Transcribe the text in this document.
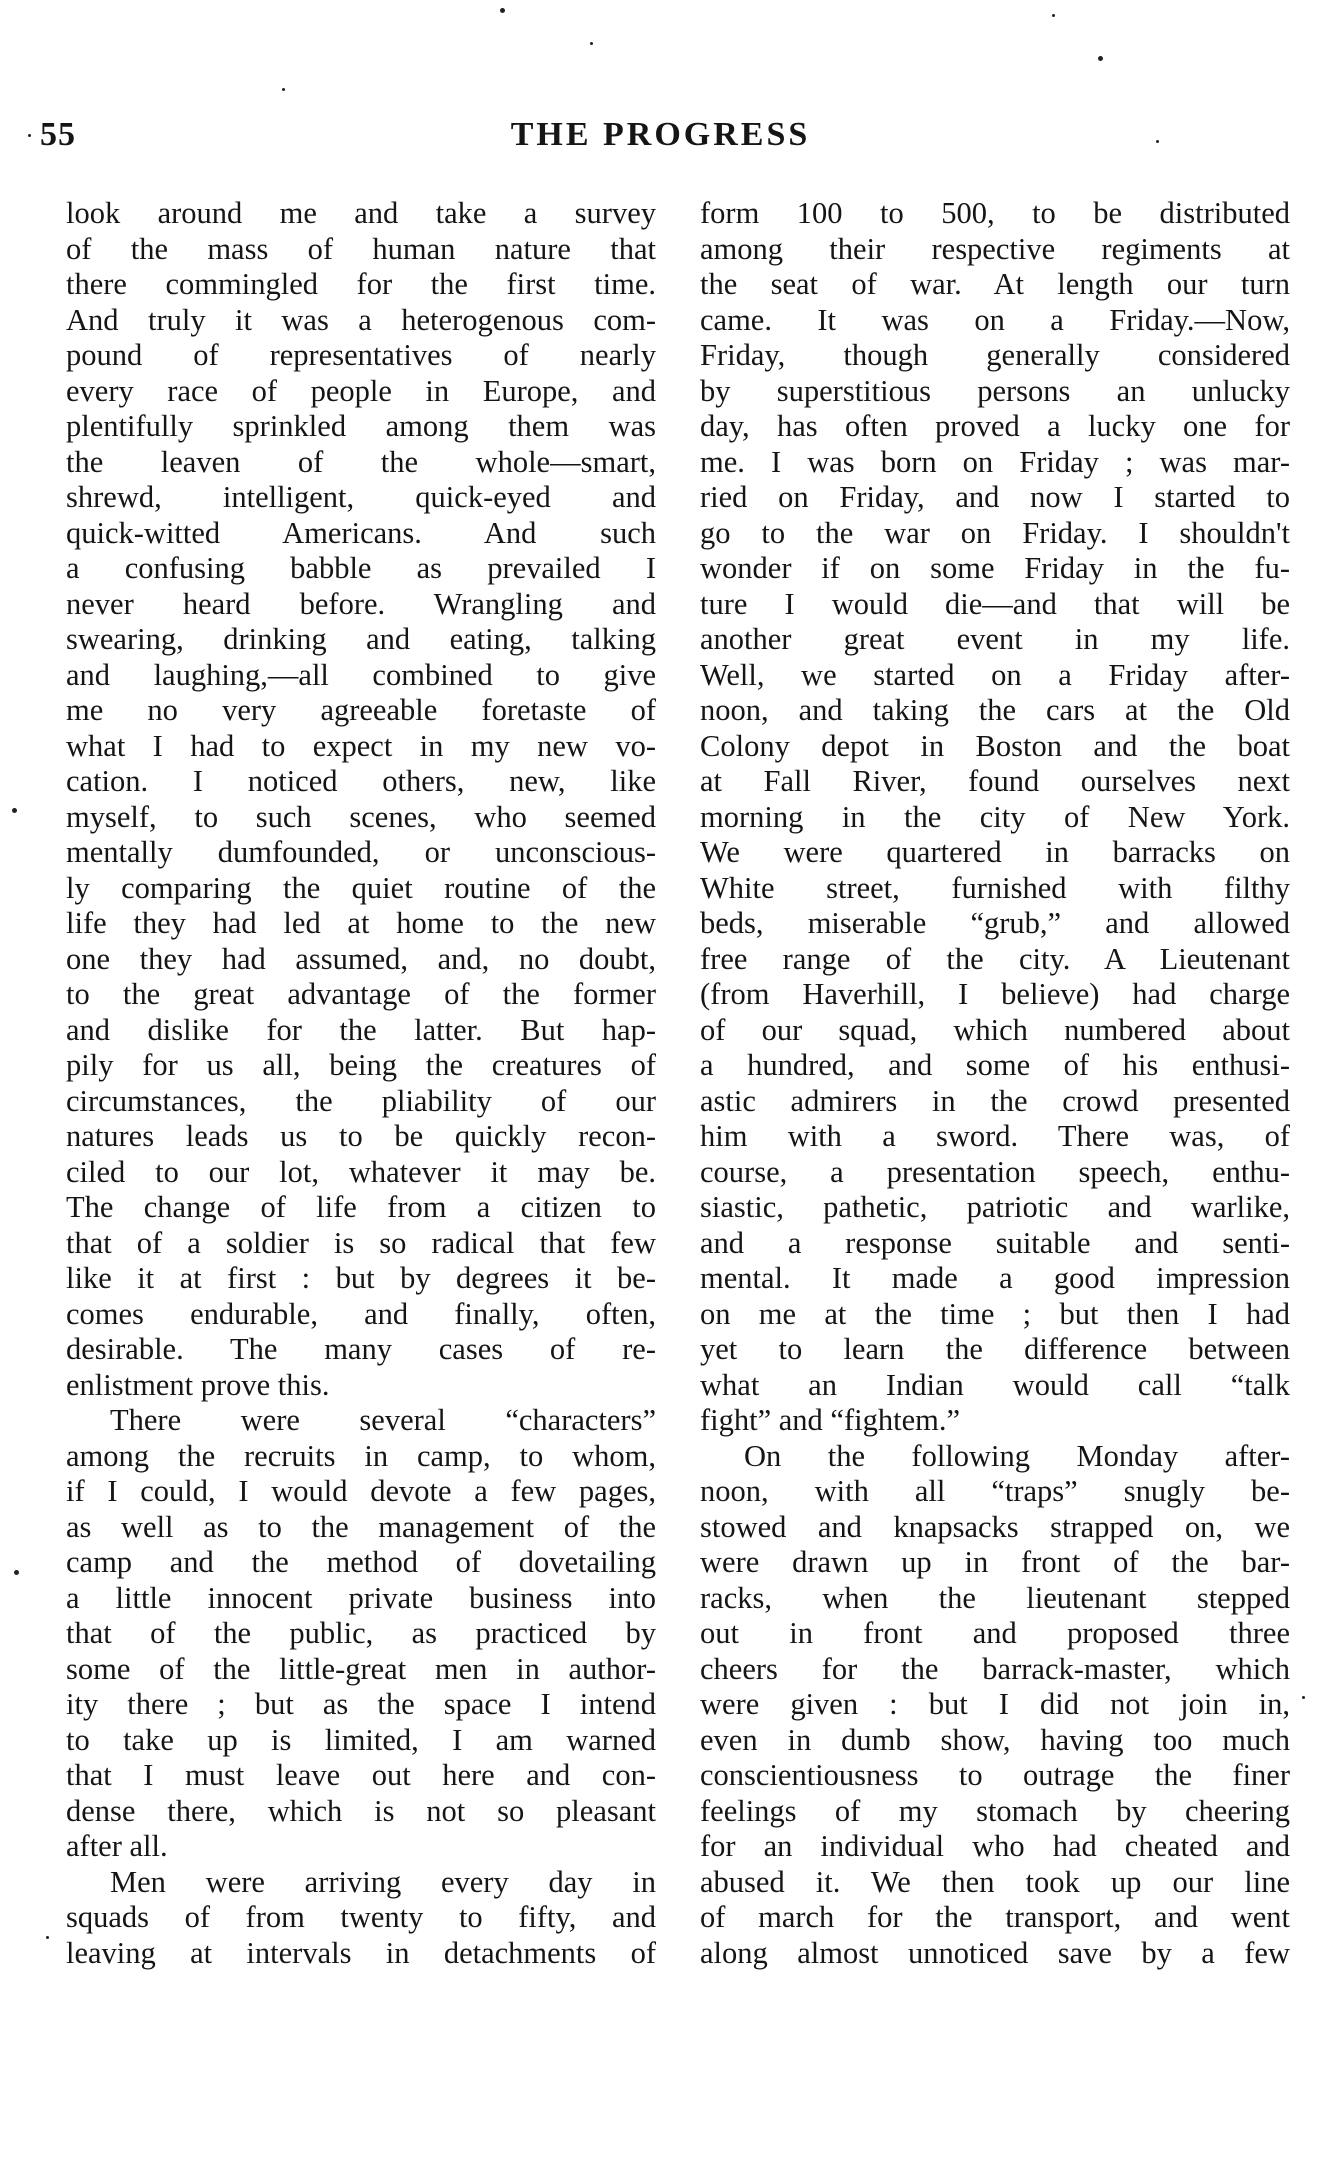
55	THE PROGRESS
look around me and take a survey
of the mass of human nature that
there commingled for the first time.
And truly it was a heterogenous com-
pound of representatives of nearly
every race of people in Europe, and
plentifully sprinkled among them was
the leaven of the whole—smart,
shrewd, intelligent, quick-eyed and
quick-witted Americans. And such
a confusing babble as prevailed I
never heard before. Wrangling and
swearing, drinking and eating, talking
and laughing,—all combined to give
me no very agreeable foretaste of
what I had to expect in my new vo-
cation. I noticed others, new, like
myself, to such scenes, who seemed
mentally dumfounded, or unconscious-
ly comparing the quiet routine of the
life they had led at home to the new
one they had assumed, and, no doubt,
to the great advantage of the former
and dislike for the latter. But hap-
pily for us all, being the creatures of
circumstances, the pliability of our
natures leads us to be quickly recon-
ciled to our lot, whatever it may be.
The change of life from a citizen to
that of a soldier is so radical that few
like it at first : but by degrees it be-
comes endurable, and finally, often,
desirable. The many cases of re-
enlistment prove this.
There were several “characters”
among the recruits in camp, to whom,
if I could, I would devote a few pages,
as well as to the management of the
camp and the method of dovetailing
a little innocent private business into
that of the public, as practiced by
some of the little-great men in author-
ity there ; but as the space I intend
to take up is limited, I am warned
that I must leave out here and con-
dense there, which is not so pleasant
after all.
Men were arriving every day in
squads of from twenty to fifty, and
leaving at intervals in detachments of
form 100 to 500, to be distributed
among their respective regiments at
the seat of war. At length our turn
came. It was on a Friday.—Now,
Friday, though generally considered
by superstitious persons an unlucky
day, has often proved a lucky one for
me. I was born on Friday ; was mar-
ried on Friday, and now I started to
go to the war on Friday. I shouldn't
wonder if on some Friday in the fu-
ture I would die—and that will be
another great event in my life.
Well, we started on a Friday after-
noon, and taking the cars at the Old
Colony depot in Boston and the boat
at Fall River, found ourselves next
morning in the city of New York.
We were quartered in barracks on
White street, furnished with filthy
beds, miserable “grub,” and allowed
free range of the city. A Lieutenant
(from Haverhill, I believe) had charge
of our squad, which numbered about
a hundred, and some of his enthusi-
astic admirers in the crowd presented
him with a sword. There was, of
course, a presentation speech, enthu-
siastic, pathetic, patriotic and warlike,
and a response suitable and senti-
mental. It made a good impression
on me at the time ; but then I had
yet to learn the difference between
what an Indian would call “talk
fight” and “fightem.”
On the following Monday after-
noon, with all “traps” snugly be-
stowed and knapsacks strapped on, we
were drawn up in front of the bar-
racks, when the lieutenant stepped
out in front and proposed three
cheers for the barrack-master, which
were given : but I did not join in,
even in dumb show, having too much
conscientiousness to outrage the finer
feelings of my stomach by cheering
for an individual who had cheated and
abused it. We then took up our line
of march for the transport, and went
along almost unnoticed save by a few
